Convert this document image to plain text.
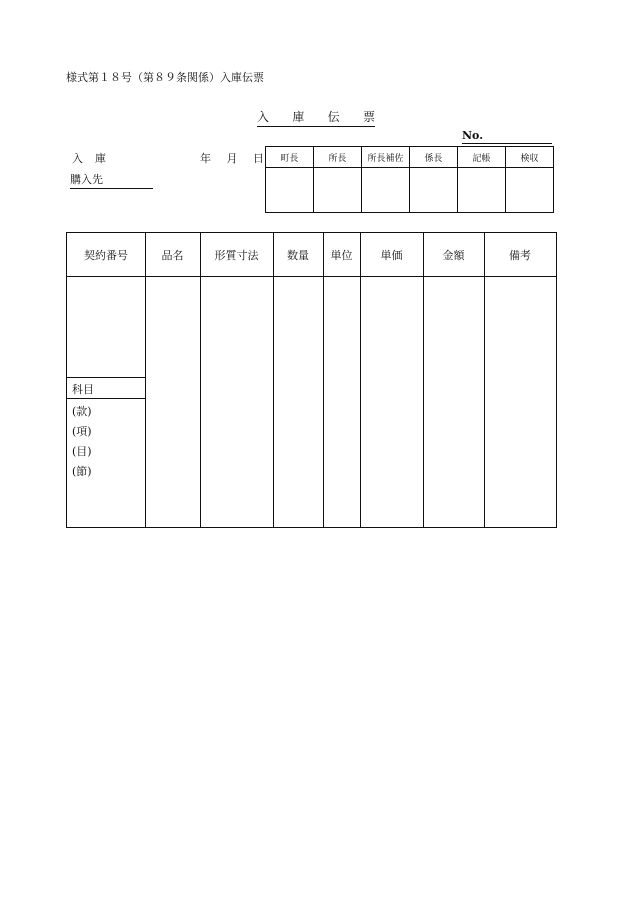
様式第１８号（第８９条関係）入庫伝票
入 庫 伝 票
No.
入 庫	年 月 日
購入先
町長	所長	所長補佐	係長	記帳	検収

契約番号	品名	形質寸法	数量	単位	単価	金額	備考
科目
(款)
(項)
(目)
(節)
